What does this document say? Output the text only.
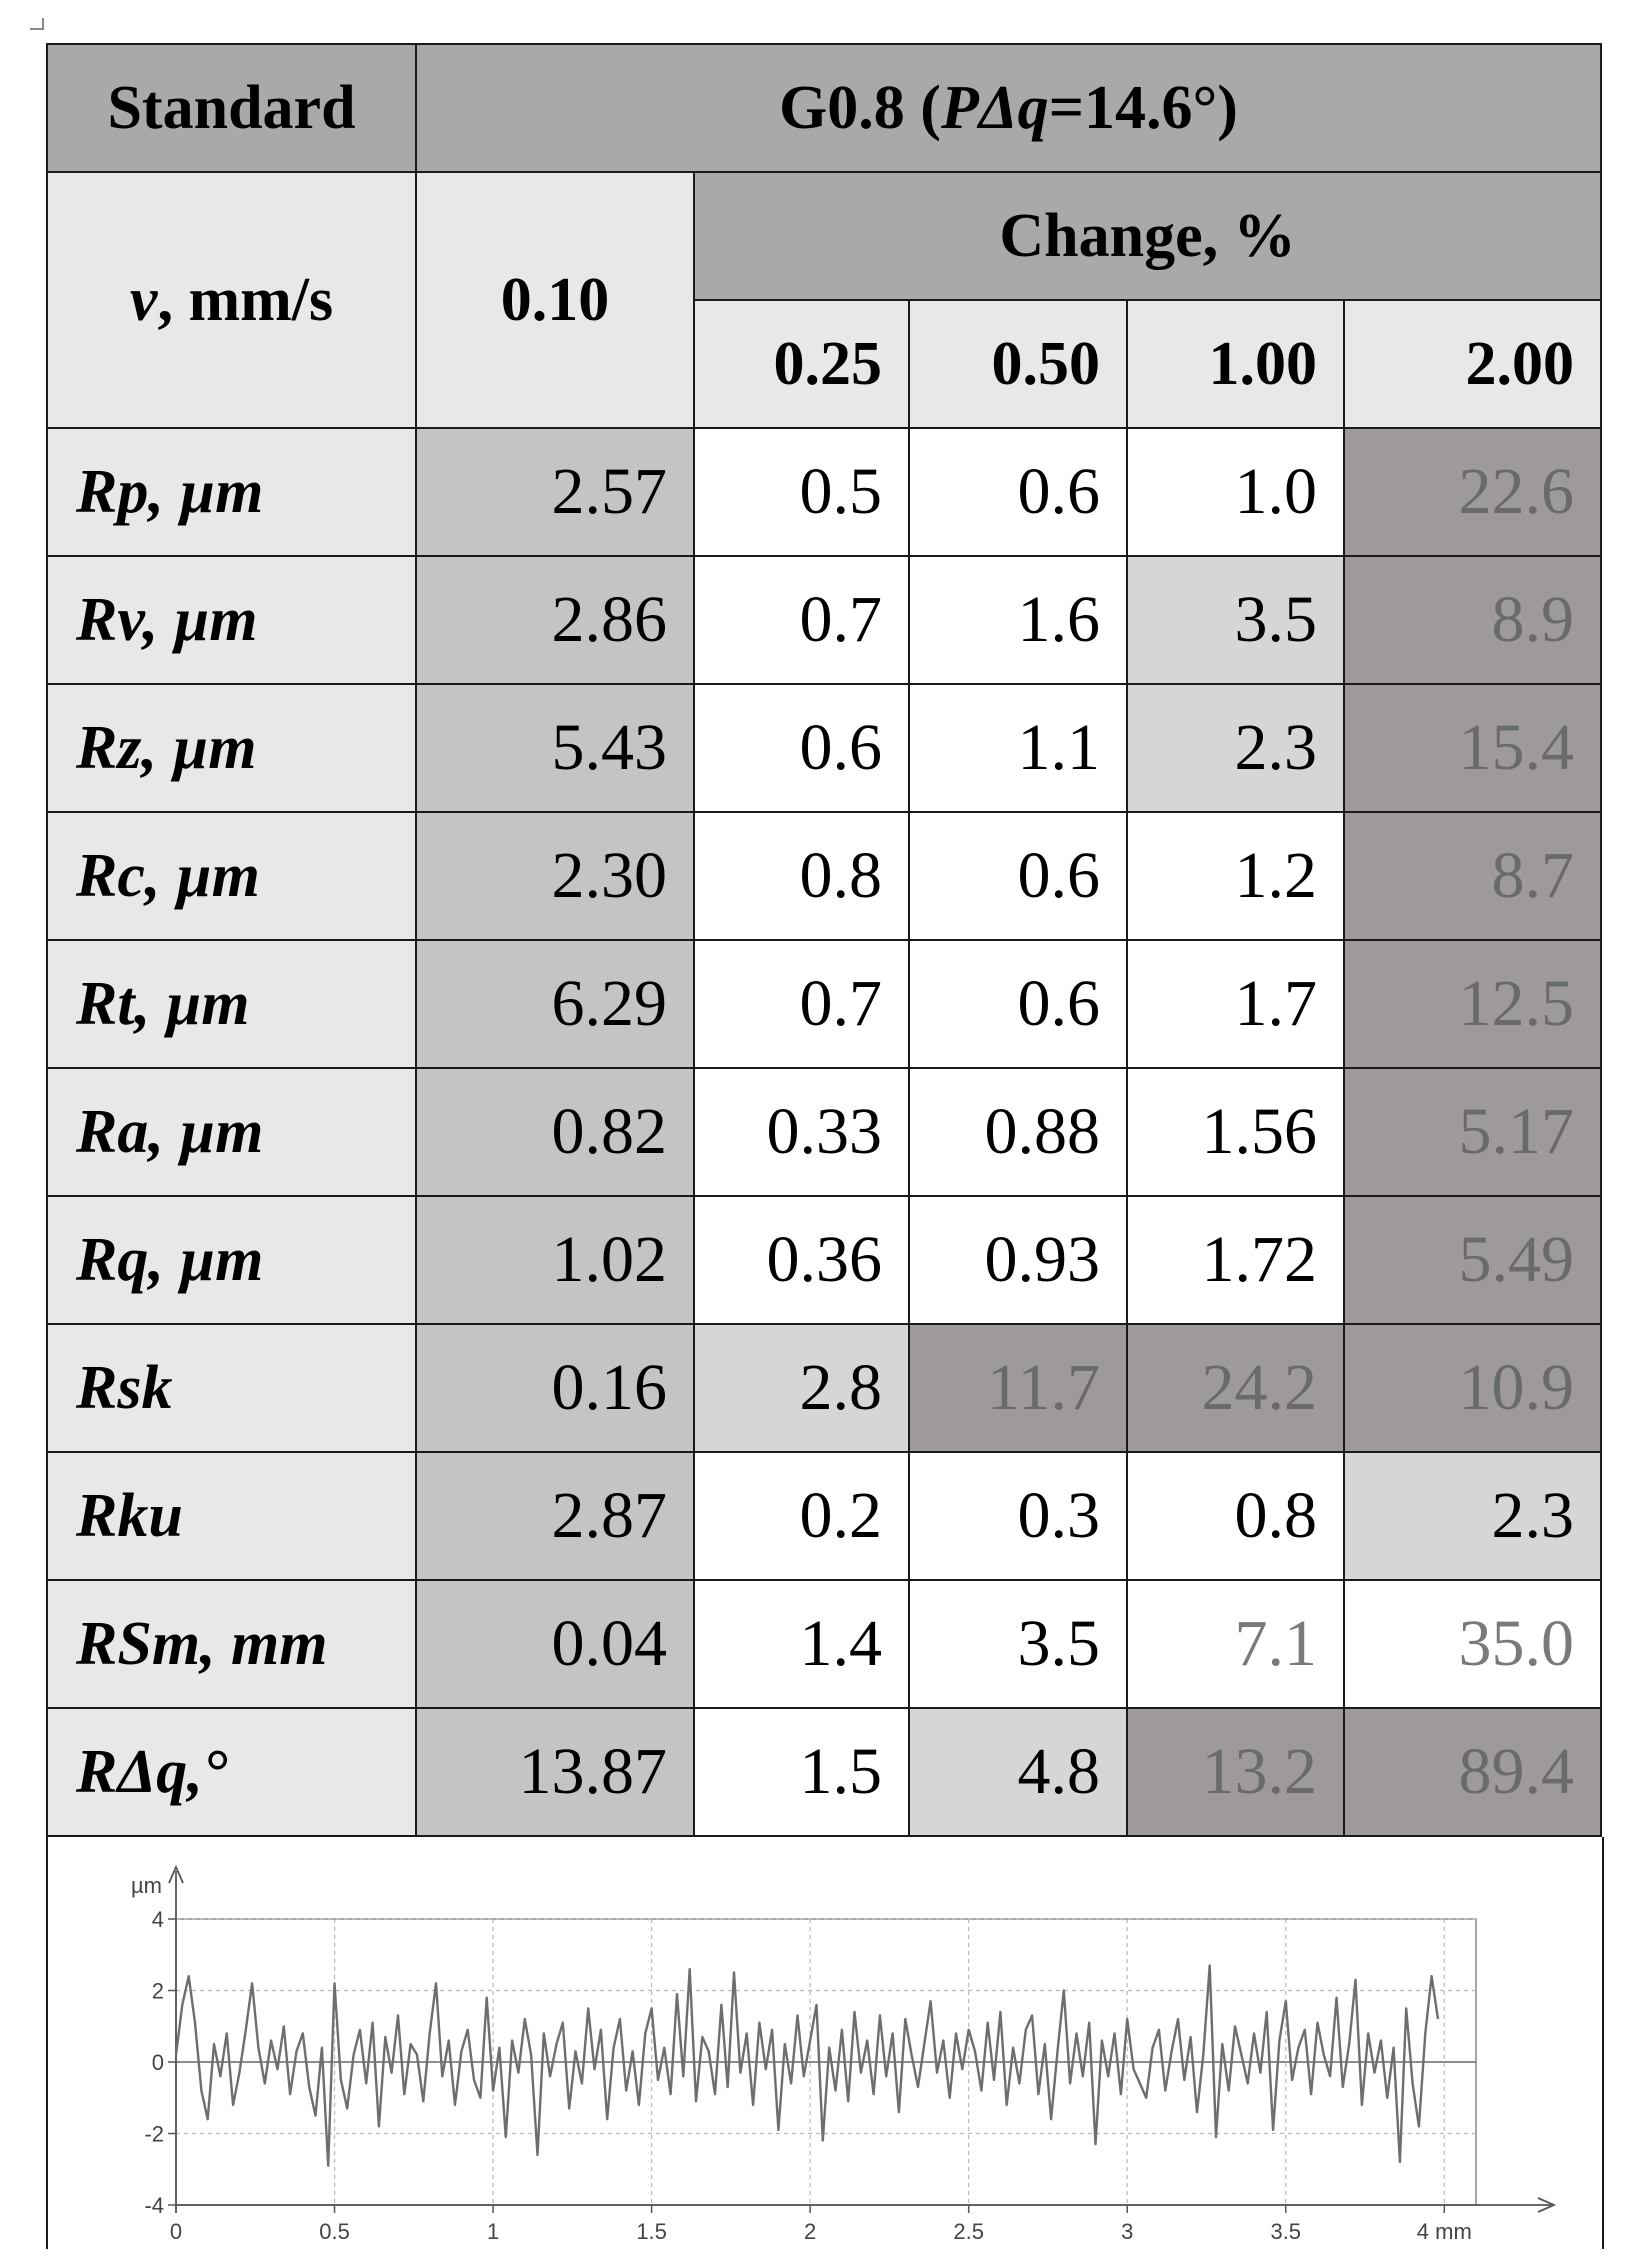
Standard	G0.8 (PΔq=14.6°)				
v, mm/s	0.10	Change, %			
		0.25	0.50	1.00	2.00
Rp, µm	2.57	0.5	0.6	1.0	22.6
Rv, µm	2.86	0.7	1.6	3.5	8.9
Rz, µm	5.43	0.6	1.1	2.3	15.4
Rc, µm	2.30	0.8	0.6	1.2	8.7
Rt, µm	6.29	0.7	0.6	1.7	12.5
Ra, µm	0.82	0.33	0.88	1.56	5.17
Rq, µm	1.02	0.36	0.93	1.72	5.49
Rsk	0.16	2.8	11.7	24.2	10.9
Rku	2.87	0.2	0.3	0.8	2.3
RSm, mm	0.04	1.4	3.5	7.1	35.0
RΔq,°	13.87	1.5	4.8	13.2	89.4
0	0.5	1	1.5	2	2.5	3	3.5	4 mm
4
2
0
-2
-4
µm
